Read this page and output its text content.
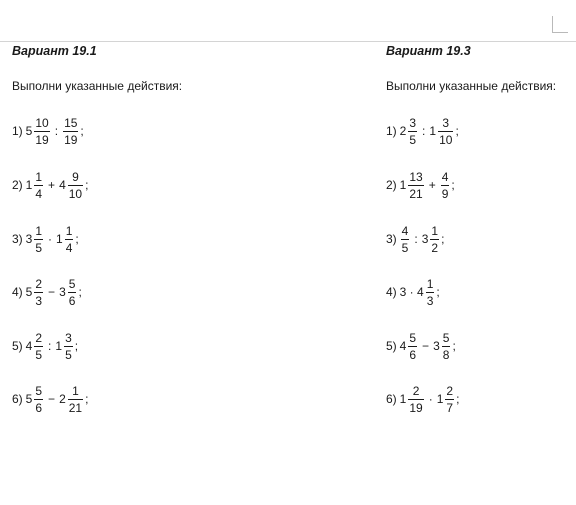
Вариант 19.1
Выполни указанные действия:
1) $5 \frac{10}{19}$ : $\frac{15}{19}$ ;
2) $1 \frac{1}{4} + 4 \frac{9}{10}$ ;
3) $3 \frac{1}{5} \cdot 1 \frac{1}{4}$ ;
4) $5 \frac{2}{3} - 3 \frac{5}{6}$ ;
5) $4 \frac{2}{5}$ : $1 \frac{3}{5}$ ;
6) $5 \frac{5}{6} - 2 \frac{1}{21}$ ;
Вариант 19.3
Выполни указанные действия:
1) $2 \frac{3}{5}$ : $1 \frac{3}{10}$ ;
2) $1 \frac{13}{21} + \frac{4}{9}$ ;
$3) \frac{4}{5}$ : $3 \frac{1}{2}$ ;
4) $3 \cdot 4 \frac{1}{3}$ ;
5) $4 \frac{5}{6} - 3 \frac{5}{8}$ ;
6) $1 \frac{2}{19} \cdot 1 \frac{2}{7}$ ;
